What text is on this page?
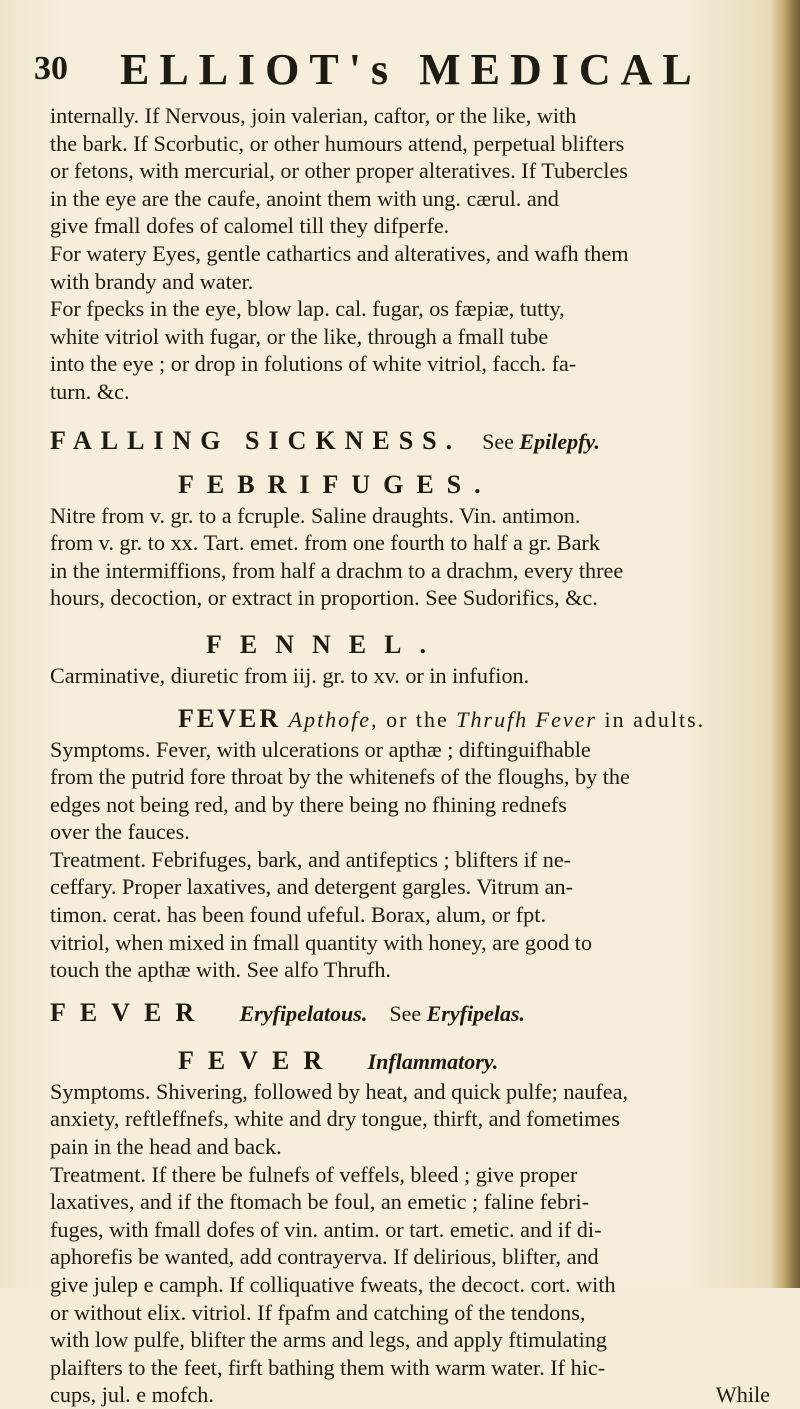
30 ELLIOT's MEDICAL

internally. If Nervous, join valerian, caftor, or the like, with

the bark. If Scorbutic, or other humours attend, perpetual blifters

or fetons, with mercurial, or other proper alteratives. If Tubercles

in the eye are the caufe, anoint them with ung. cærul. and

give fmall dofes of calomel till they difperfe.

For watery Eyes, gentle cathartics and alteratives, and wafh them

with brandy and water.

For fpecks in the eye, blow lap. cal. fugar, os fæpiæ, tutty,

white vitriol with fugar, or the like, through a fmall tube

into the eye ; or drop in folutions of white vitriol, facch. fa-

turn. &c.

FALLING SICKNESS. See Epilepfy.

FEBRIFUGES.

Nitre from v. gr. to a fcruple. Saline draughts. Vin. antimon.

from v. gr. to xx. Tart. emet. from one fourth to half a gr. Bark

in the intermiffions, from half a drachm to a drachm, every three

hours, decoction, or extract in proportion. See Sudorifics, &c.

FENNEL.

Carminative, diuretic from iij. gr. to xv. or in infufion.

FEVER Apthofe, or the Thrufh Fever in adults.

Symptoms. Fever, with ulcerations or apthæ ; diftinguifhable

from the putrid fore throat by the whitenefs of the floughs, by the

edges not being red, and by there being no fhining rednefs

over the fauces.

Treatment. Febrifuges, bark, and antifeptics ; blifters if ne-

ceffary. Proper laxatives, and detergent gargles. Vitrum an-

timon. cerat. has been found ufeful. Borax, alum, or fpt.

vitriol, when mixed in fmall quantity with honey, are good to

touch the apthæ with. See alfo Thrufh.

FEVER Eryfipelatous. See Eryfipelas.

FEVER Inflammatory.

Symptoms. Shivering, followed by heat, and quick pulfe; naufea,

anxiety, reftleffnefs, white and dry tongue, thirft, and fometimes

pain in the head and back.

Treatment. If there be fulnefs of veffels, bleed ; give proper

laxatives, and if the ftomach be foul, an emetic ; faline febri-

fuges, with fmall dofes of vin. antim. or tart. emetic. and if di-

aphorefis be wanted, add contrayerva. If delirious, blifter, and

give julep e camph. If colliquative fweats, the decoct. cort. with

or without elix. vitriol. If fpafm and catching of the tendons,

with low pulfe, blifter the arms and legs, and apply ftimulating

plaifters to the feet, firft bathing them with warm water. If hic-

cups, jul. e mofch.	While
